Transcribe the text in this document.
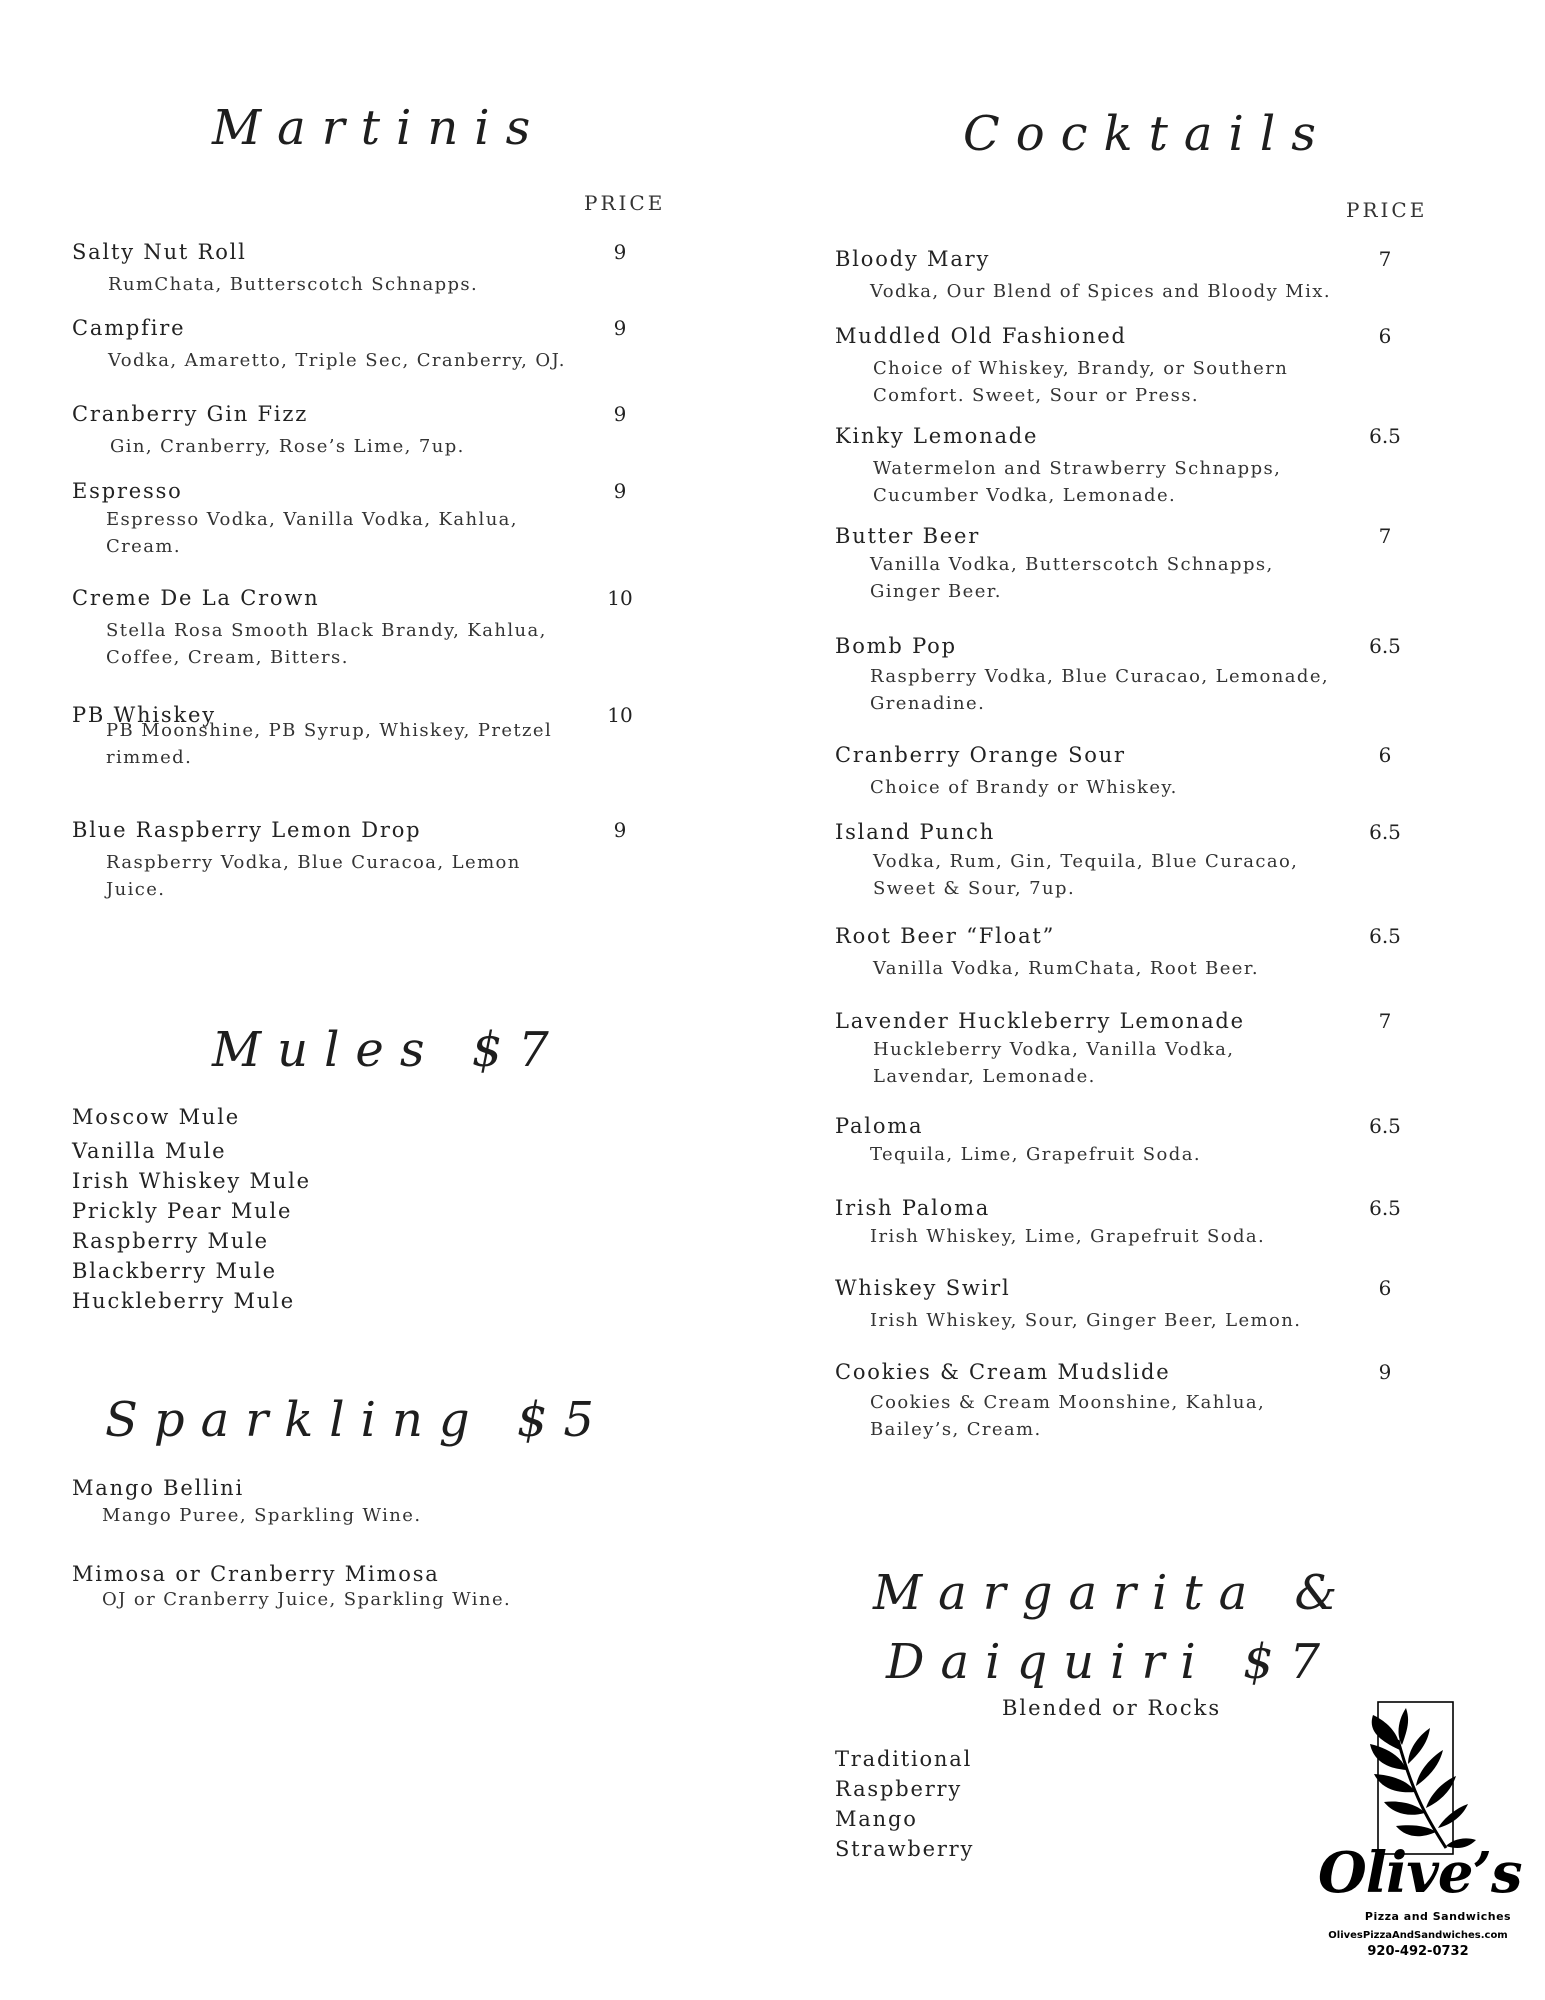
Martinis
PRICE
Salty Nut Roll	9
RumChata, Butterscotch Schnapps.
Campfire	9
Vodka, Amaretto, Triple Sec, Cranberry, OJ.
Cranberry Gin Fizz	9
Gin, Cranberry, Rose’s Lime, 7up.
Espresso	9
Espresso Vodka, Vanilla Vodka, Kahlua, Cream.
Creme De La Crown	10
Stella Rosa Smooth Black Brandy, Kahlua, Coffee, Cream, Bitters.
PB Whiskey	10
PB Moonshine, PB Syrup, Whiskey, Pretzel rimmed.
Blue Raspberry Lemon Drop	9
Raspberry Vodka, Blue Curacoa, Lemon Juice.
Mules $7
Moscow Mule
Vanilla Mule
Irish Whiskey Mule
Prickly Pear Mule
Raspberry Mule
Blackberry Mule
Huckleberry Mule
Sparkling $5
Mango Bellini
Mango Puree, Sparkling Wine.
Mimosa or Cranberry Mimosa
OJ or Cranberry Juice, Sparkling Wine.
Cocktails
PRICE
Bloody Mary	7
Vodka, Our Blend of Spices and Bloody Mix.
Muddled Old Fashioned	6
Choice of Whiskey, Brandy, or Southern Comfort. Sweet, Sour or Press.
Kinky Lemonade	6.5
Watermelon and Strawberry Schnapps, Cucumber Vodka, Lemonade.
Butter Beer	7
Vanilla Vodka, Butterscotch Schnapps, Ginger Beer.
Bomb Pop	6.5
Raspberry Vodka, Blue Curacao, Lemonade, Grenadine.
Cranberry Orange Sour	6
Choice of Brandy or Whiskey.
Island Punch	6.5
Vodka, Rum, Gin, Tequila, Blue Curacao, Sweet & Sour, 7up.
Root Beer “Float”	6.5
Vanilla Vodka, RumChata, Root Beer.
Lavender Huckleberry Lemonade	7
Huckleberry Vodka, Vanilla Vodka, Lavendar, Lemonade.
Paloma	6.5
Tequila, Lime, Grapefruit Soda.
Irish Paloma	6.5
Irish Whiskey, Lime, Grapefruit Soda.
Whiskey Swirl	6
Irish Whiskey, Sour, Ginger Beer, Lemon.
Cookies & Cream Mudslide	9
Cookies & Cream Moonshine, Kahlua, Bailey’s, Cream.
Margarita &
Daiquiri $7
Blended or Rocks
Traditional
Raspberry
Mango
Strawberry	Olive’s
Pizza and Sandwiches
OlivesPizzaAndSandwiches.com
920-492-0732
